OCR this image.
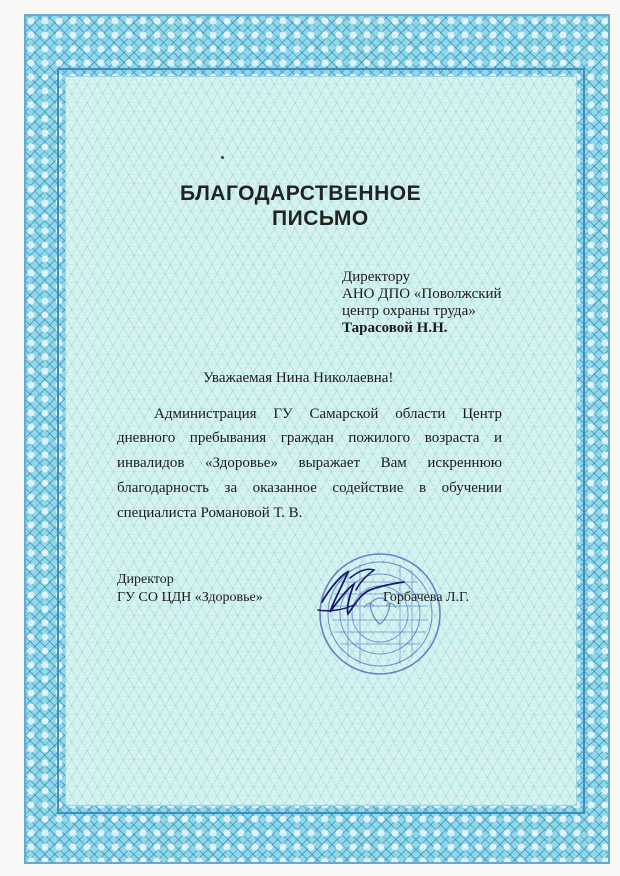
БЛАГОДАРСТВЕННОЕ
ПИСЬМО
Директору
АНО ДПО «Поволжский
центр охраны труда»
Тарасовой Н.Н.
Уважаемая Нина Николаевна!
Администрация ГУ Самарской области Центр
дневного пребывания граждан пожилого возраста и
инвалидов «Здоровье» выражает Вам искреннюю
благодарность за оказанное содействие в обучении
специалиста Романовой Т. В.
Директор
ГУ СО ЦДН «Здоровье»	Горбачева Л.Г.
